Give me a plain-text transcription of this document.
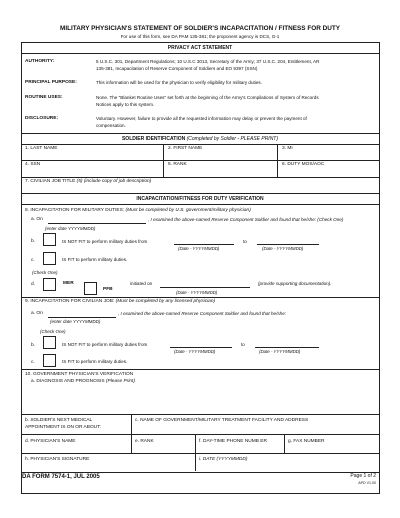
MILITARY PHYSICIAN'S STATEMENT OF SOLDIER'S INCAPACITATION / FITNESS FOR DUTY
For use of this form, see DA PAM 135-381; the proponent agency is DCS, G-1
PRIVACY ACT STATEMENT
AUTHORITY:	5 U.S.C. 301, Department Regulations; 10 U.S.C 3013, Secretary of the Army; 37 U.S.C. 204, Entitlement, AR
135-381, Incapacitation of Reserve Component of Soldiers and EO 9397 (SSN)
PRINCIPAL PURPOSE:	This information will be used for the physician to verify eligibility for military duties.
ROUTINE USES:	None. The "Blanket Routine Uses" set forth at the beginning of the Army's Compilations of System of Records
Notices apply to this system.
DISCLOSURE:	Voluntary. However, failure to provide all the requested information may delay or prevent the payment of
compensation.
SOLDIER IDENTIFICATION (Completed by Soldier - PLEASE PRINT)
1. LAST NAME	2. FIRST NAME	3. MI
4. SSN	5. RANK	6. DUTY MOS/AOC
7. CIVILIAN JOB TITLE (5) (include copy of job description)
INCAPACITATION/FITNESS FOR DUTY VERIFICATION
8. INCAPACITATION FOR MILITARY DUTIES: (Must be completed by U.S. government/military physician)
a. On	, I examined the above-named Reserve Component Soldier and found that he/she: (Check One)
(enter date YYYYMMDD)
b.	IS NOT FIT to perform military duties from	to
(Date - YYYYMMDD)	(Date - YYYYMMDD)
c.	IS FIT to perform military duties.
(Check One)
d.	MER
PFB
initiated on	(provide supporting documentation).
(Date - YYYYMMDD)
9. INCAPACITATION FOR CIVILIAN JOB: (Must be completed by any licensed physician)
a. On	, I examined the above-named Reserve Component Soldier and found that he/she:
(enter date YYYYMMDD)
(Check One)
b.	IS NOT FIT to perform military duties from	to
(Date - YYYYMMDD)	(Date - YYYYMMDD)
c.	IS FIT to perform military duties.
10. GOVERNMENT PHYSICIAN'S VERIFICATION
a. DIAGNOSIS AND PROGNOSIS (Please Print)
b. SOLDIER'S NEXT MEDICAL
APPOINTMENT IS ON OR ABOUT:
c. NAME OF GOVERNMENT/MILITARY TREATMENT FACILITY AND ADDRESS
d. PHYSICIAN'S NAME	e. RANK	f. DAY-TIME PHONE NUMB ER	g. FAX NUMBER
h. PHYSICIAN'S SIGNATURE	i. DATE (YYYYMMDD)
DA FORM 7574-1, JUL 2005	Page 1 of 2
APD V1.00
